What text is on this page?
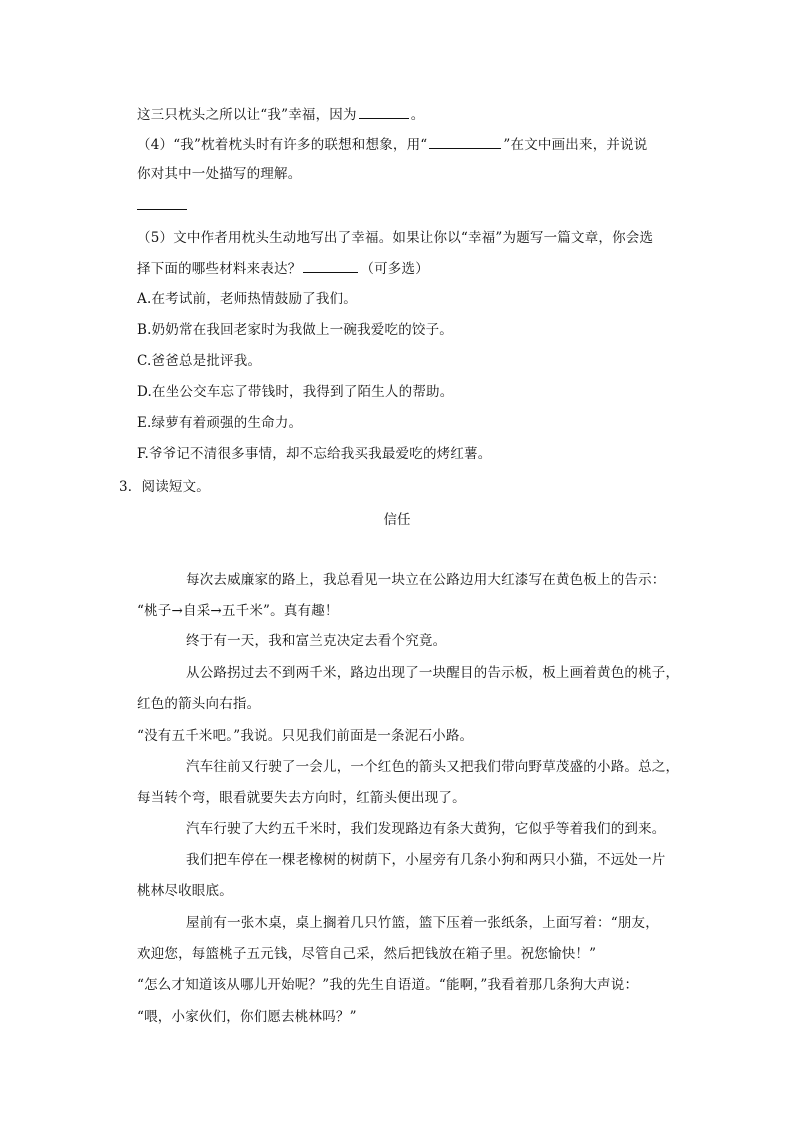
这三只枕头之所以让“我”幸福，因为	。
（4）“我”枕着枕头时有许多的联想和想象，用“	”在文中画出来，并说说
你对其中一处描写的理解。
（5）文中作者用枕头生动地写出了幸福。如果让你以“幸福”为题写一篇文章，你会选
择下面的哪些材料来表达？	（可多选）
A.在考试前，老师热情鼓励了我们。
B.奶奶常在我回老家时为我做上一碗我爱吃的饺子。
C.爸爸总是批评我。
D.在坐公交车忘了带钱时，我得到了陌生人的帮助。
E.绿萝有着顽强的生命力。
F.爷爷记不清很多事情，却不忘给我买我最爱吃的烤红薯。
3．阅读短文。
信任
每次去威廉家的路上，我总看见一块立在公路边用大红漆写在黄色板上的告示：
“桃子→自采→五千米”。真有趣！
终于有一天，我和富兰克决定去看个究竟。
从公路拐过去不到两千米，路边出现了一块醒目的告示板，板上画着黄色的桃子，
红色的箭头向右指。
“没有五千米吧。”我说。只见我们前面是一条泥石小路。
汽车往前又行驶了一会儿，一个红色的箭头又把我们带向野草茂盛的小路。总之，
每当转个弯，眼看就要失去方向时，红箭头便出现了。
汽车行驶了大约五千米时，我们发现路边有条大黄狗，它似乎等着我们的到来。
我们把车停在一棵老橡树的树荫下，小屋旁有几条小狗和两只小猫，不远处一片
桃林尽收眼底。
屋前有一张木桌，桌上搁着几只竹篮，篮下压着一张纸条，上面写着：“朋友，
欢迎您，每篮桃子五元钱，尽管自己采，然后把钱放在箱子里。祝您愉快！”
“怎么才知道该从哪儿开始呢？”我的先生自语道。“能啊，”我看着那几条狗大声说：
“喂，小家伙们，你们愿去桃林吗？”
